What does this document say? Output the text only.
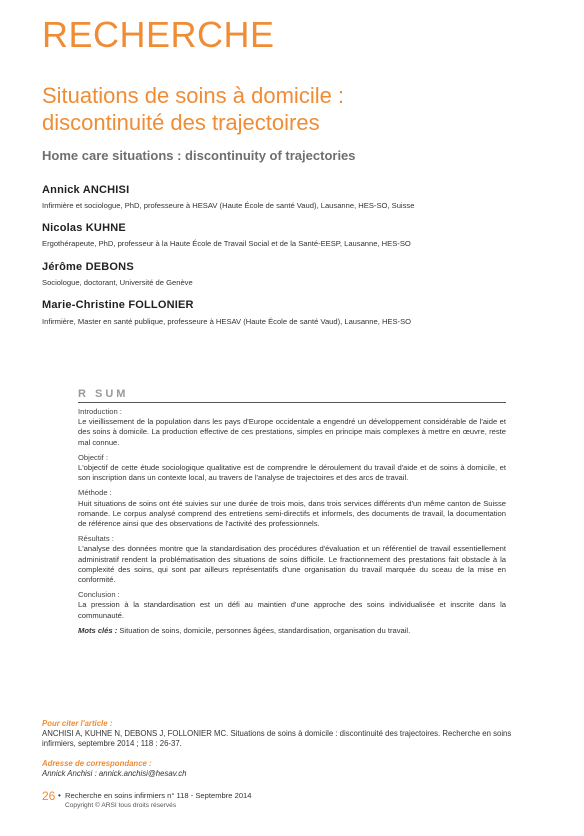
RECHERCHE
Situations de soins à domicile :
discontinuité des trajectoires
Home care situations : discontinuity of trajectories
Annick ANCHISI
Infirmière et sociologue, PhD, professeure à HESAV (Haute École de santé Vaud), Lausanne, HES-SO, Suisse
Nicolas KUHNE
Ergothérapeute, PhD, professeur à la Haute École de Travail Social et de la Santé-EESP, Lausanne, HES-SO
Jérôme DEBONS
Sociologue, doctorant, Université de Genève
Marie-Christine FOLLONIER
Infirmière, Master en santé publique, professeure à HESAV (Haute École de santé Vaud), Lausanne, HES-SO
R SUM
Introduction :
Le vieillissement de la population dans les pays d'Europe occidentale a engendré un développement considérable de l'aide et des soins à domicile. La production effective de ces prestations, simples en principe mais complexes à mettre en œuvre, reste mal connue.
Objectif :
L'objectif de cette étude sociologique qualitative est de comprendre le déroulement du travail d'aide et de soins à domicile, et son inscription dans un contexte local, au travers de l'analyse de trajectoires et des arcs de travail.
Méthode :
Huit situations de soins ont été suivies sur une durée de trois mois, dans trois services différents d'un même canton de Suisse romande. Le corpus analysé comprend des entretiens semi-directifs et informels, des documents de travail, la documentation de référence ainsi que des observations de l'activité des professionnels.
Résultats :
L'analyse des données montre que la standardisation des procédures d'évaluation et un référentiel de travail essentiellement administratif rendent la problématisation des situations de soins difficile. Le fractionnement des prestations fait obstacle à la complexité des soins, qui sont par ailleurs représentatifs d'une organisation du travail marquée du sceau de la mise en conformité.
Conclusion :
La pression à la standardisation est un défi au maintien d'une approche des soins individualisée et inscrite dans la communauté.
Mots clés : Situation de soins, domicile, personnes âgées, standardisation, organisation du travail.
Pour citer l'article :
ANCHISI A, KUHNE N, DEBONS J, FOLLONIER MC. Situations de soins à domicile : discontinuité des trajectoires. Recherche en soins infirmiers, septembre 2014 ; 118 : 26-37.
Adresse de correspondance :
Annick Anchisi : annick.anchisi@hesav.ch
26 • Recherche en soins infirmiers n° 118 - Septembre 2014
Copyright © ARSI tous droits réservés
